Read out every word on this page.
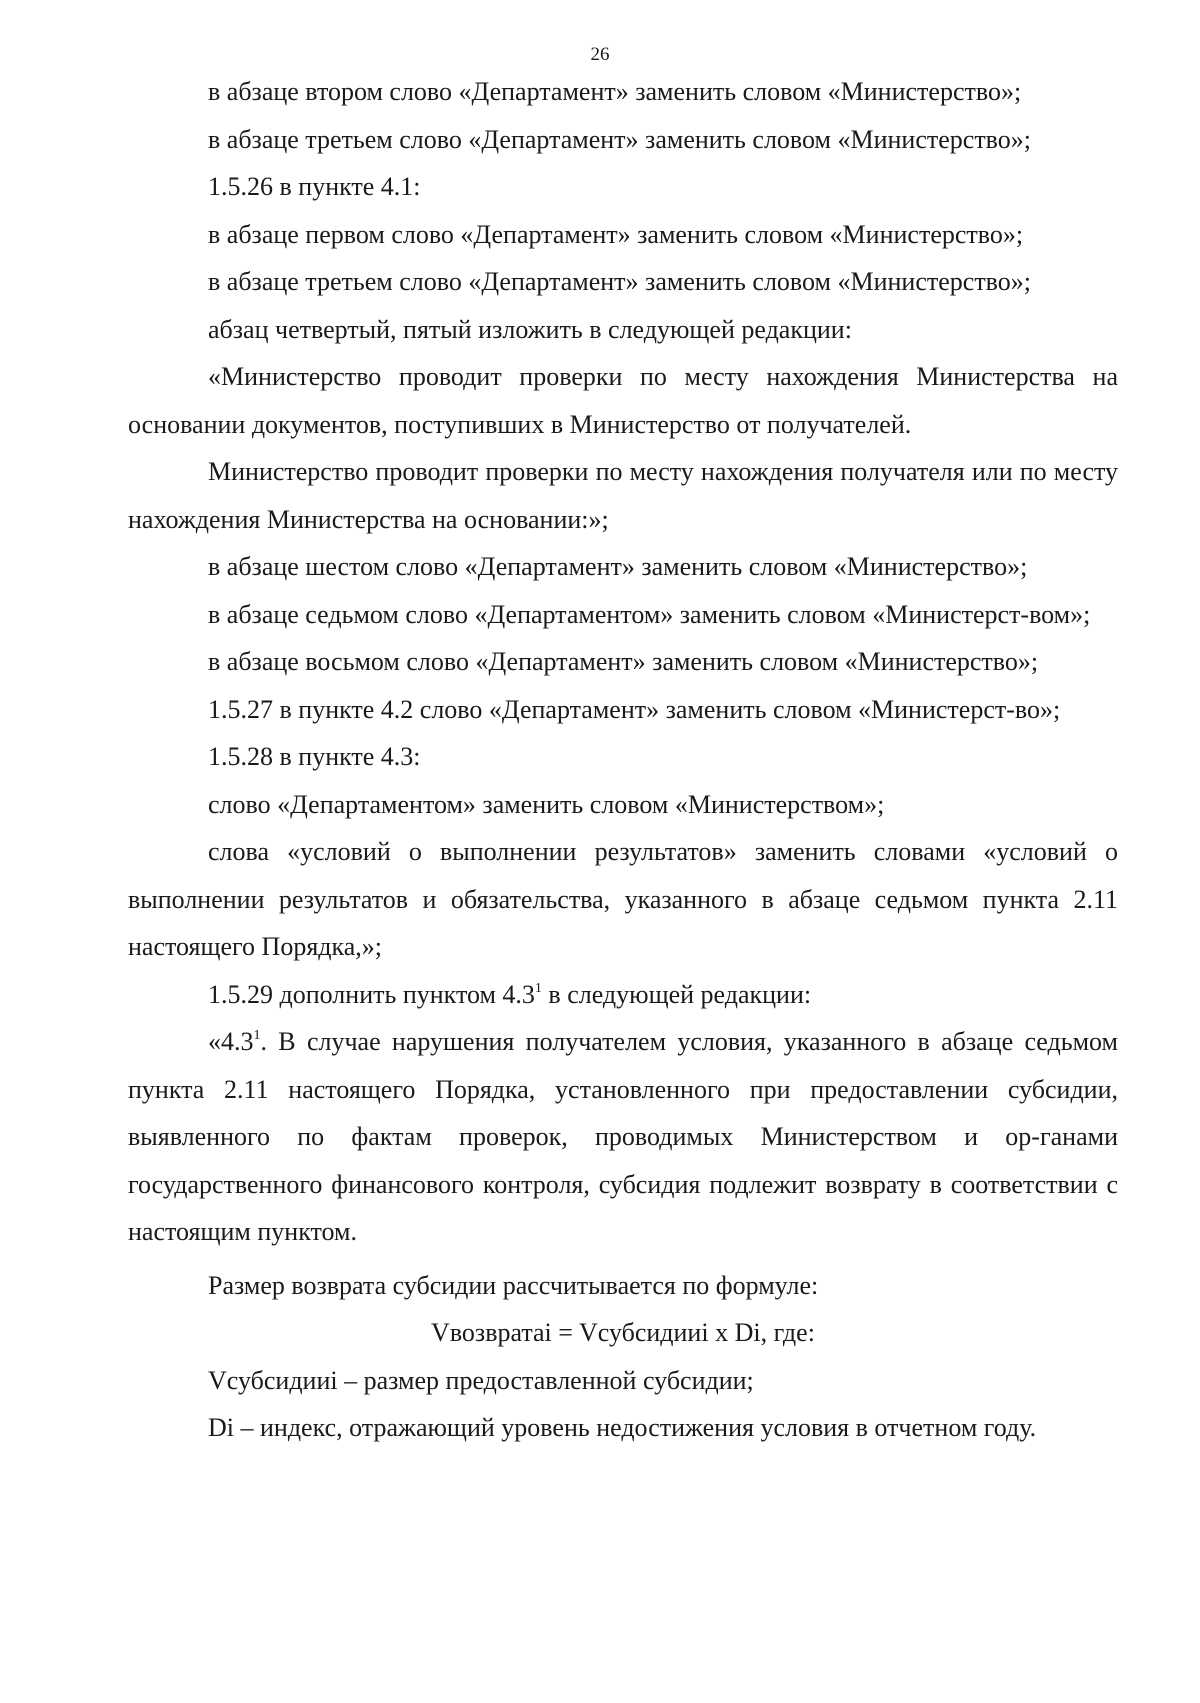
26

в абзаце втором слово «Департамент» заменить словом «Министерство»;

в абзаце третьем слово «Департамент» заменить словом «Министерство»;

1.5.26 в пункте 4.1:

в абзаце первом слово «Департамент» заменить словом «Министерство»;

в абзаце третьем слово «Департамент» заменить словом «Министерство»;

абзац четвертый, пятый изложить в следующей редакции:

«Министерство проводит проверки по месту нахождения Министерства на основании документов, поступивших в Министерство от получателей.

Министерство проводит проверки по месту нахождения получателя или по месту нахождения Министерства на основании:»;

в абзаце шестом слово «Департамент» заменить словом «Министерство»;

в абзаце седьмом слово «Департаментом» заменить словом «Министерст-вом»;

в абзаце восьмом слово «Департамент» заменить словом «Министерство»;

1.5.27 в пункте 4.2 слово «Департамент» заменить словом «Министерст-во»;

1.5.28 в пункте 4.3:

слово «Департаментом» заменить словом «Министерством»;

слова «условий о выполнении результатов» заменить словами «условий о выполнении результатов и обязательства, указанного в абзаце седьмом пункта 2.11 настоящего Порядка,»;

1.5.29 дополнить пунктом $4.3^1$ в следующей редакции:

«$4.3^1$. В случае нарушения получателем условия, указанного в абзаце седьмом пункта 2.11 настоящего Порядка, установленного при предоставлении субсидии, выявленного по фактам проверок, проводимых Министерством и ор-ганами государственного финансового контроля, субсидия подлежит возврату в соответствии с настоящим пунктом.

Размер возврата субсидии рассчитывается по формуле:

Vвозвратаi = Vсубсидииi x Di, где:

Vсубсидииi – размер предоставленной субсидии;

Di – индекс, отражающий уровень недостижения условия в отчетном году.
